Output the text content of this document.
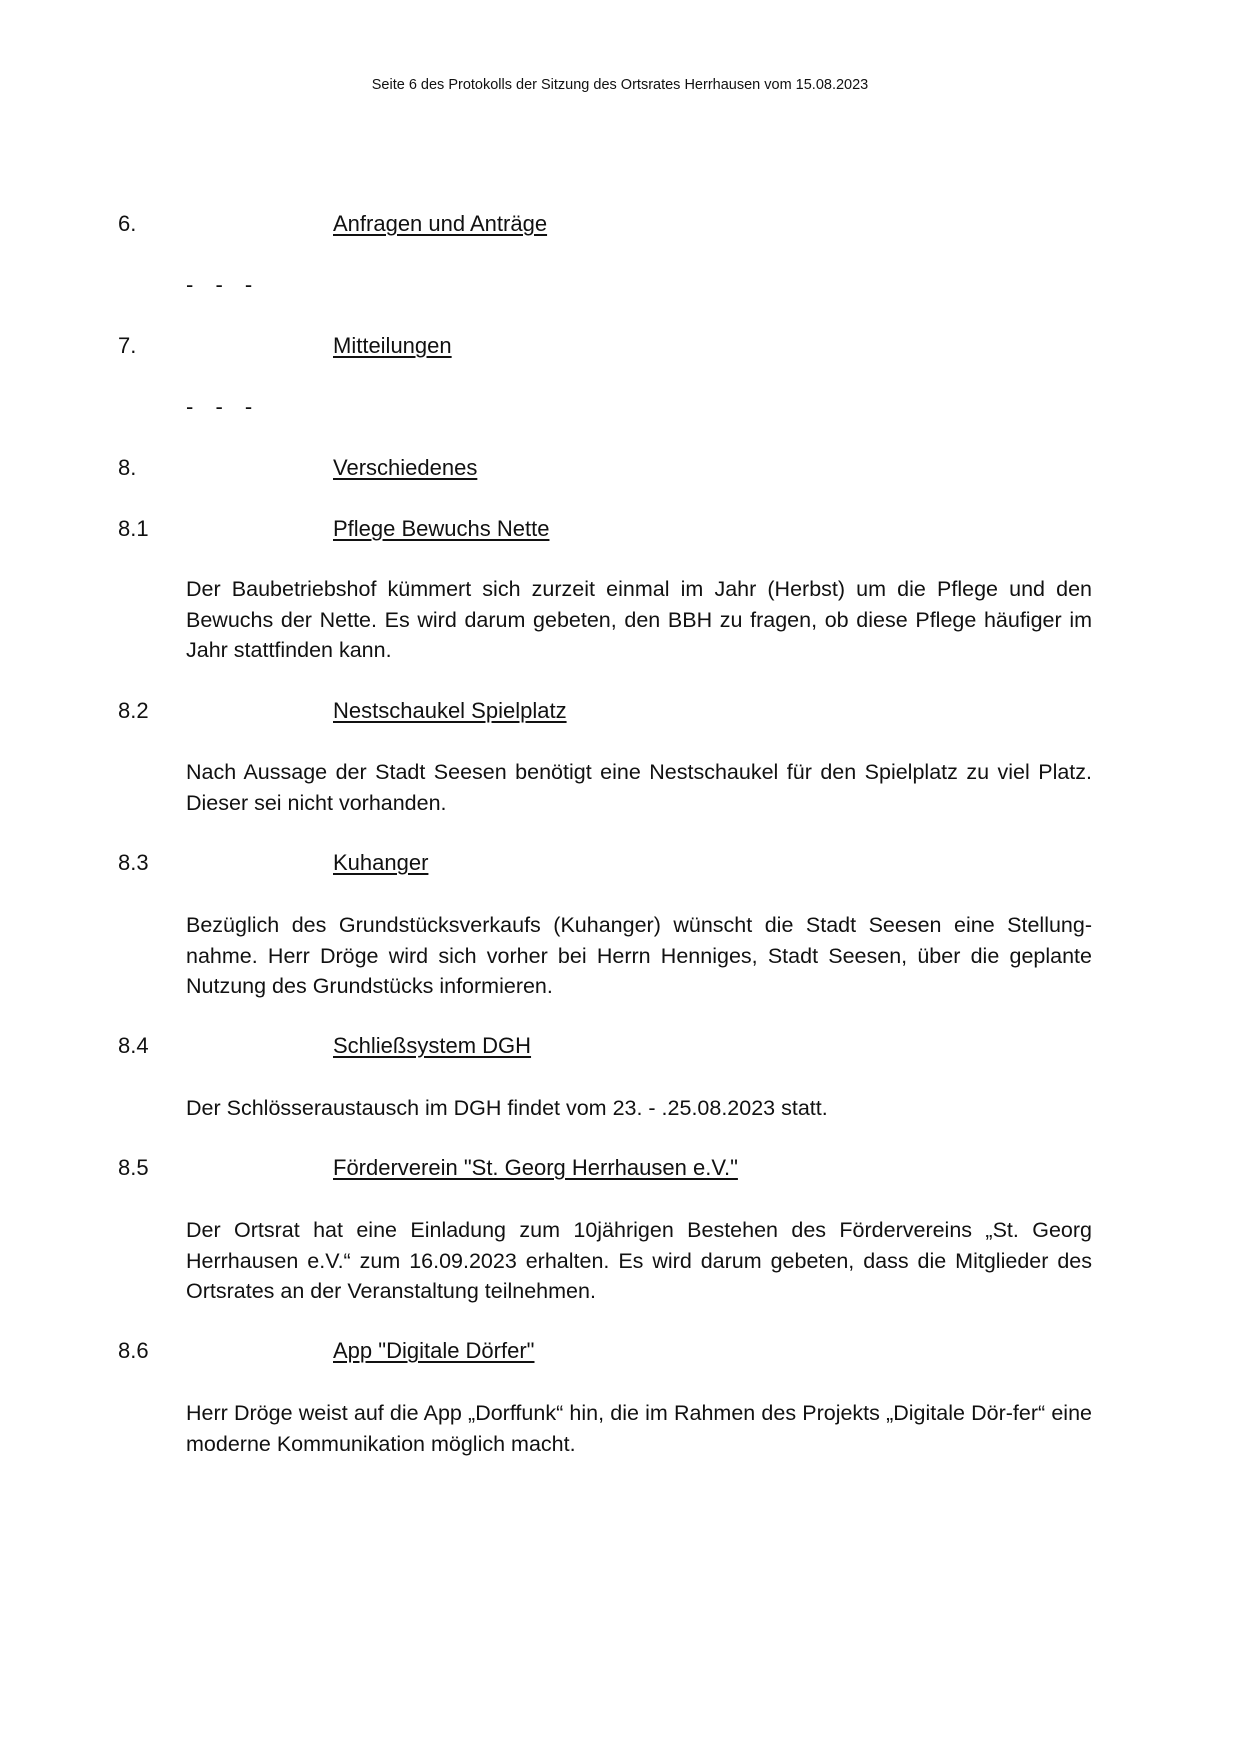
Seite 6 des Protokolls der Sitzung des Ortsrates Herrhausen vom 15.08.2023
6.	Anfragen und Anträge
- - -
7.	Mitteilungen
- - -
8.	Verschiedenes
8.1	Pflege Bewuchs Nette

Der Baubetriebshof kümmert sich zurzeit einmal im Jahr (Herbst) um die Pflege und den Bewuchs der Nette. Es wird darum gebeten, den BBH zu fragen, ob diese Pflege häufiger im Jahr stattfinden kann.

8.2	Nestschaukel Spielplatz

Nach Aussage der Stadt Seesen benötigt eine Nestschaukel für den Spielplatz zu viel Platz. Dieser sei nicht vorhanden.

8.3	Kuhanger

Bezüglich des Grundstücksverkaufs (Kuhanger) wünscht die Stadt Seesen eine Stellung-nahme. Herr Dröge wird sich vorher bei Herrn Henniges, Stadt Seesen, über die geplante Nutzung des Grundstücks informieren.

8.4	Schließsystem DGH

Der Schlösseraustausch im DGH findet vom 23. - .25.08.2023 statt.

8.5	Förderverein "St. Georg Herrhausen e.V."

Der Ortsrat hat eine Einladung zum 10jährigen Bestehen des Fördervereins „St. Georg Herrhausen e.V.“ zum 16.09.2023 erhalten. Es wird darum gebeten, dass die Mitglieder des Ortsrates an der Veranstaltung teilnehmen.

8.6	App "Digitale Dörfer"

Herr Dröge weist auf die App „Dorffunk“ hin, die im Rahmen des Projekts „Digitale Dör-fer“ eine moderne Kommunikation möglich macht.
